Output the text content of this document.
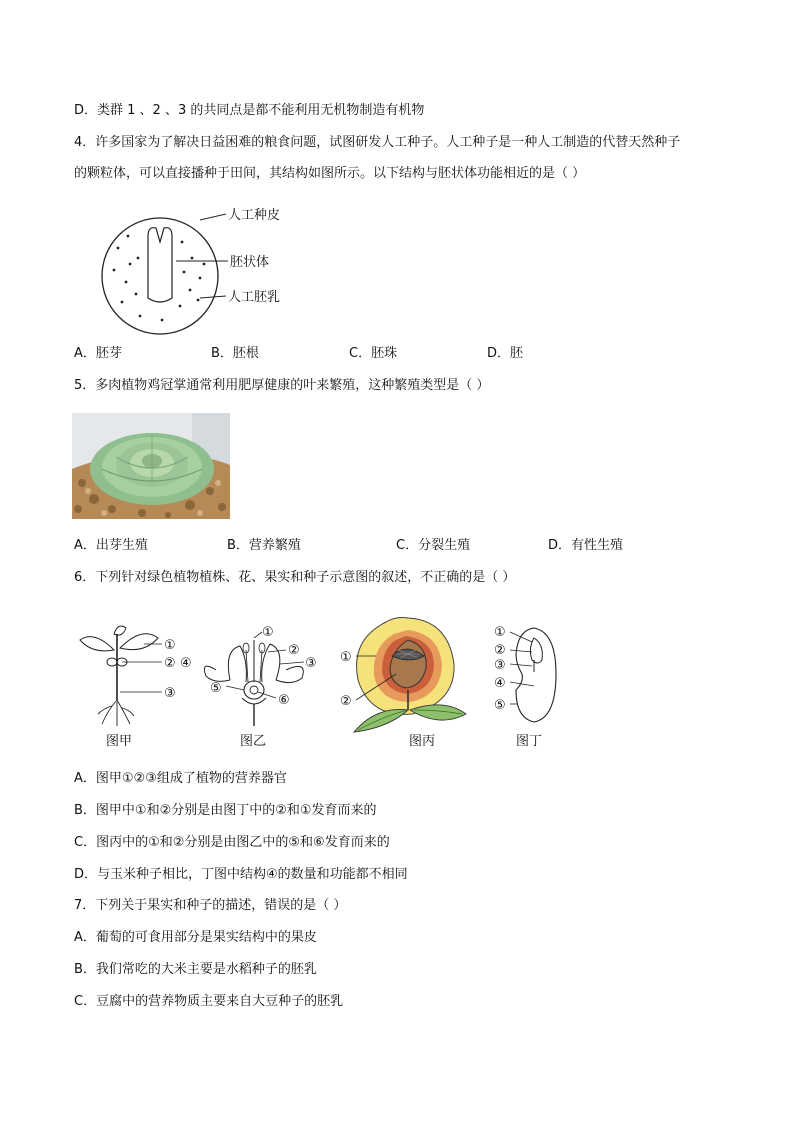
D．类群 1 、2 、3 的共同点是都不能利用无机物制造有机物
4．许多国家为了解决日益困难的粮食问题，试图研发人工种子。人工种子是一种人工制造的代替天然种子
的颗粒体，可以直接播种于田间，其结构如图所示。以下结构与胚状体功能相近的是（ ）
人工种皮
胚状体
人工胚乳
A．胚芽	B．胚根	C．胚珠	D．胚
5．多肉植物鸡冠掌通常利用肥厚健康的叶来繁殖，这种繁殖类型是（ ）
A．出芽生殖	B．营养繁殖	C．分裂生殖	D．有性生殖
6．下列针对绿色植物植株、花、果实和种子示意图的叙述，不正确的是（ ）
①
② ④
③
图甲
①
②
③
⑤
⑥
图乙
①
②
图丙
①
②
③
④
⑤
图丁
A．图甲①②③组成了植物的营养器官
B．图甲中①和②分别是由图丁中的②和①发育而来的
C．图丙中的①和②分别是由图乙中的⑤和⑥发育而来的
D．与玉米种子相比，丁图中结构④的数量和功能都不相同
7．下列关于果实和种子的描述，错误的是（ ）
A．葡萄的可食用部分是果实结构中的果皮
B．我们常吃的大米主要是水稻种子的胚乳
C．豆腐中的营养物质主要来自大豆种子的胚乳
